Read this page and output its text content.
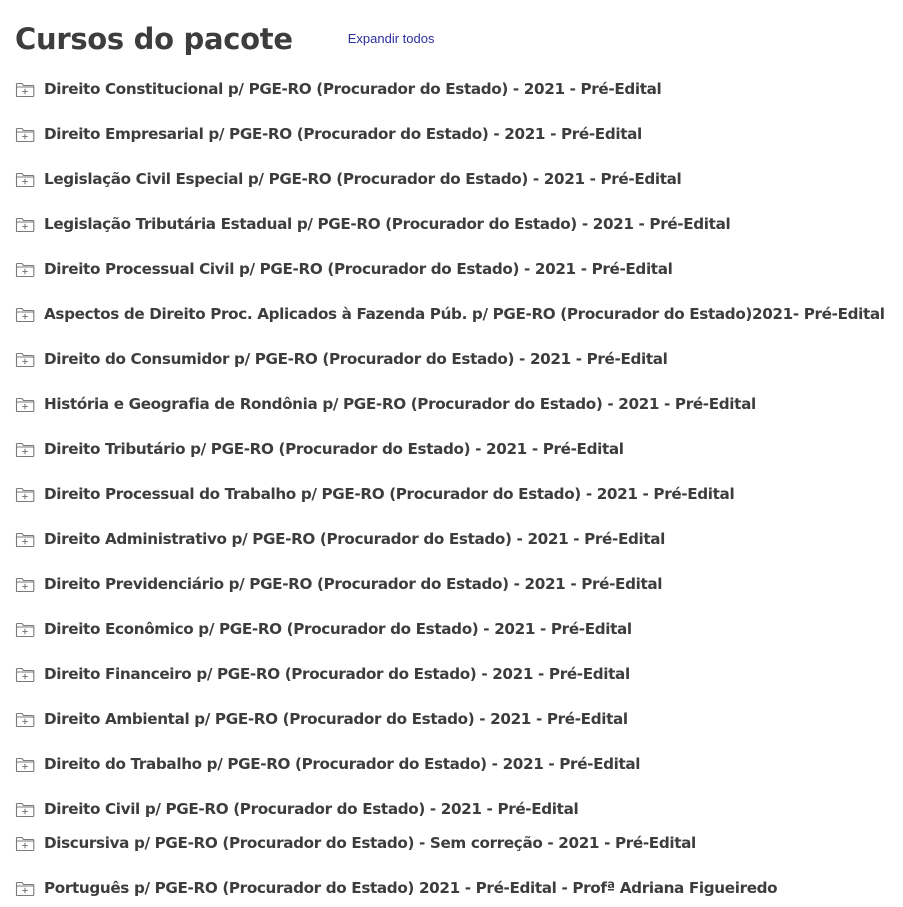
Cursos do pacote	Expandir todos
Direito Constitucional p/ PGE-RO (Procurador do Estado) - 2021 - Pré-Edital
Direito Empresarial p/ PGE-RO (Procurador do Estado) - 2021 - Pré-Edital
Legislação Civil Especial p/ PGE-RO (Procurador do Estado) - 2021 - Pré-Edital
Legislação Tributária Estadual p/ PGE-RO (Procurador do Estado) - 2021 - Pré-Edital
Direito Processual Civil p/ PGE-RO (Procurador do Estado) - 2021 - Pré-Edital
Aspectos de Direito Proc. Aplicados à Fazenda Púb. p/ PGE-RO (Procurador do Estado)2021- Pré-Edital
Direito do Consumidor p/ PGE-RO (Procurador do Estado) - 2021 - Pré-Edital
História e Geografia de Rondônia p/ PGE-RO (Procurador do Estado) - 2021 - Pré-Edital
Direito Tributário p/ PGE-RO (Procurador do Estado) - 2021 - Pré-Edital
Direito Processual do Trabalho p/ PGE-RO (Procurador do Estado) - 2021 - Pré-Edital
Direito Administrativo p/ PGE-RO (Procurador do Estado) - 2021 - Pré-Edital
Direito Previdenciário p/ PGE-RO (Procurador do Estado) - 2021 - Pré-Edital
Direito Econômico p/ PGE-RO (Procurador do Estado) - 2021 - Pré-Edital
Direito Financeiro p/ PGE-RO (Procurador do Estado) - 2021 - Pré-Edital
Direito Ambiental p/ PGE-RO (Procurador do Estado) - 2021 - Pré-Edital
Direito do Trabalho p/ PGE-RO (Procurador do Estado) - 2021 - Pré-Edital
Direito Civil p/ PGE-RO (Procurador do Estado) - 2021 - Pré-Edital
Discursiva p/ PGE-RO (Procurador do Estado) - Sem correção - 2021 - Pré-Edital
Português p/ PGE-RO (Procurador do Estado) 2021 - Pré-Edital - Profª Adriana Figueiredo
